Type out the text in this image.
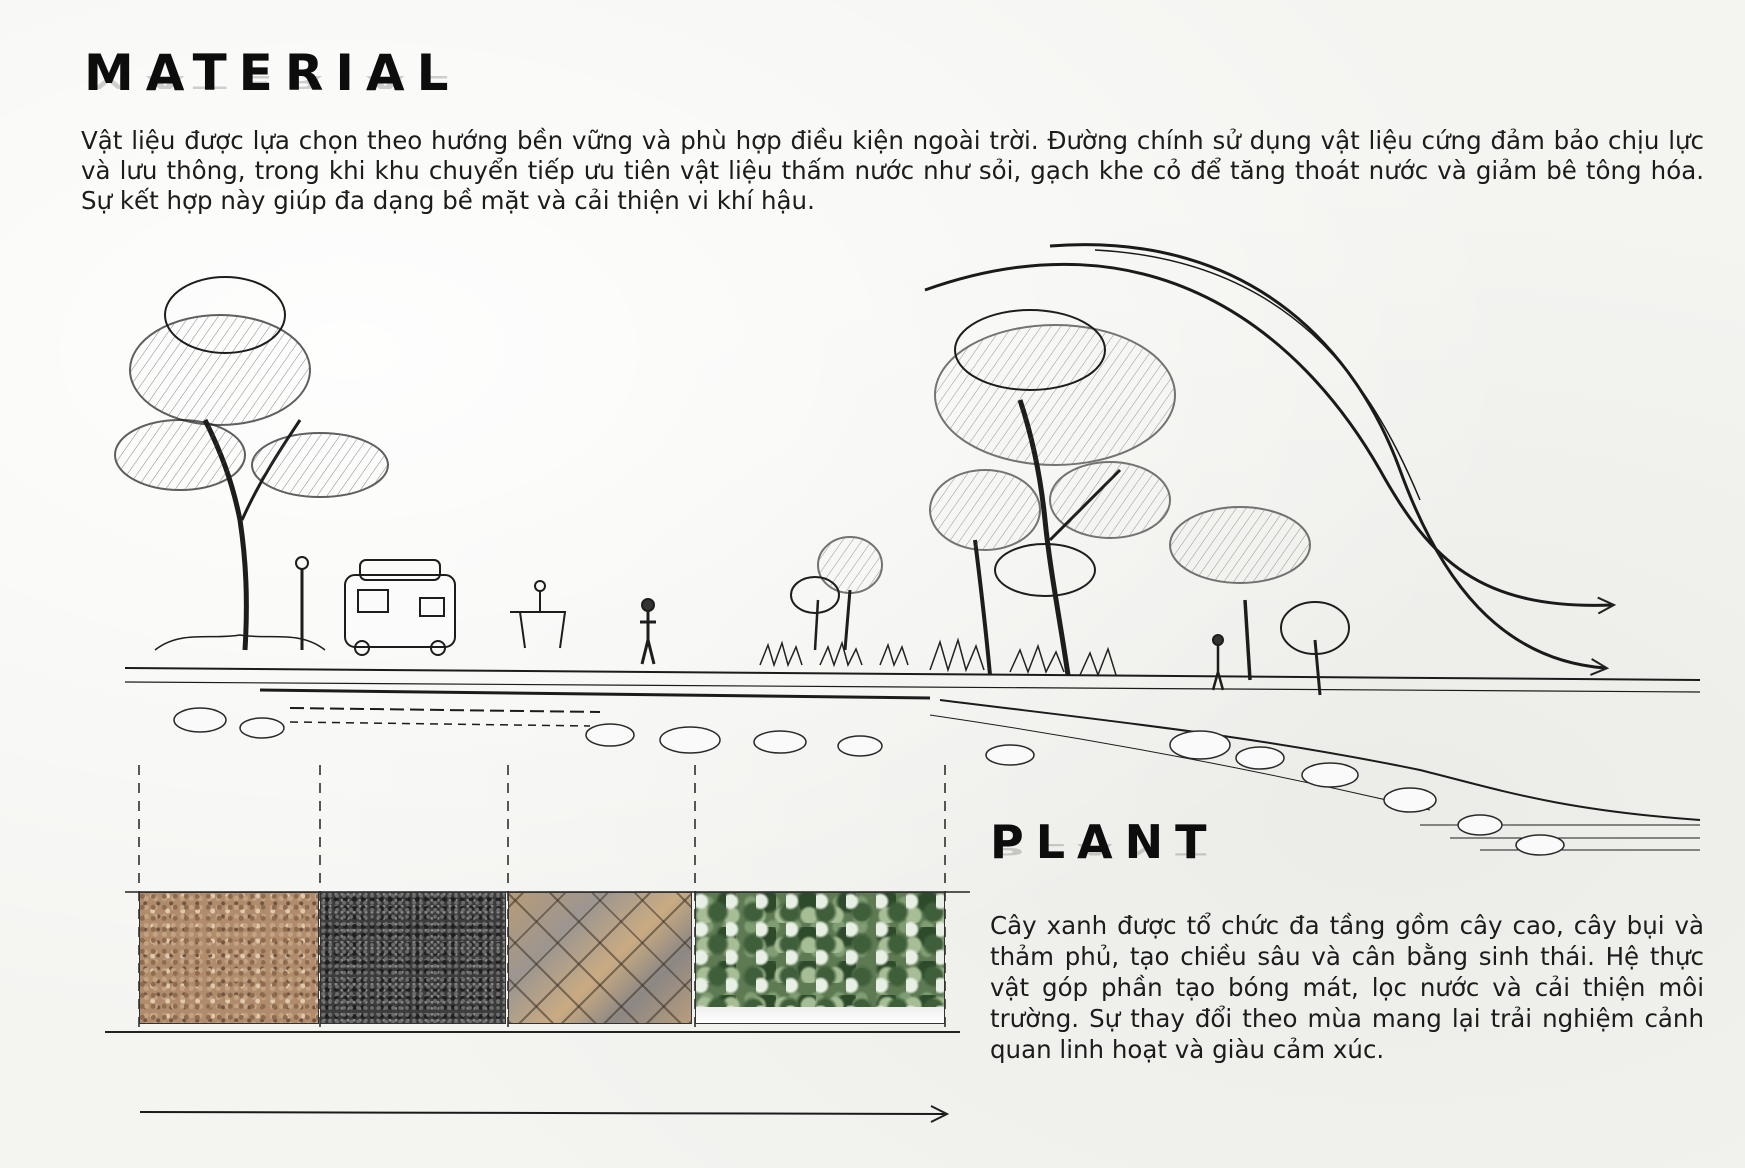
MATERIAL MATERIAL

Vật liệu được lựa chọn theo hướng bền vững và phù hợp điều kiện ngoài trời. Đường chính sử dụng vật liệu cứng đảm bảo chịu lực và lưu thông, trong khi khu chuyển tiếp ưu tiên vật liệu thấm nước như sỏi, gạch khe cỏ để tăng thoát nước và giảm bê tông hóa. Sự kết hợp này giúp đa dạng bề mặt và cải thiện vi khí hậu.

PLANT PLANT

Cây xanh được tổ chức đa tầng gồm cây cao, cây bụi và thảm phủ, tạo chiều sâu và cân bằng sinh thái. Hệ thực vật góp phần tạo bóng mát, lọc nước và cải thiện môi trường. Sự thay đổi theo mùa mang lại trải nghiệm cảnh quan linh hoạt và giàu cảm xúc.
